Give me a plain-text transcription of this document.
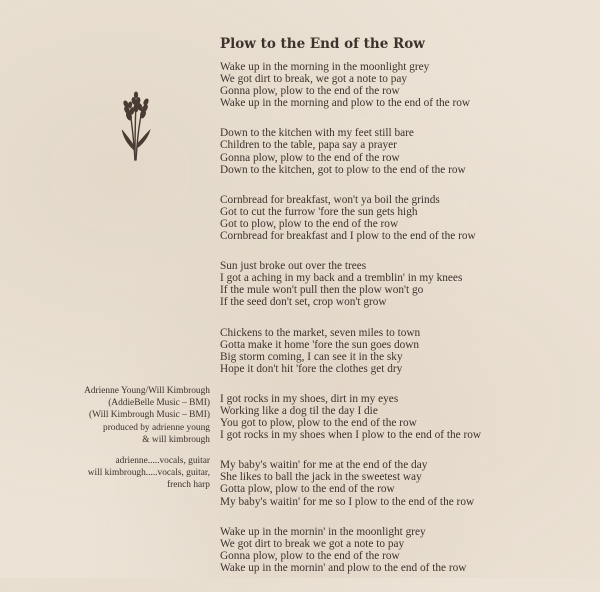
Plow to the End of the Row
Wake up in the morning in the moonlight grey
We got dirt to break, we got a note to pay
Gonna plow, plow to the end of the row
Wake up in the morning and plow to the end of the row
Down to the kitchen with my feet still bare
Children to the table, papa say a prayer
Gonna plow, plow to the end of the row
Down to the kitchen, got to plow to the end of the row
Cornbread for breakfast, won't ya boil the grinds
Got to cut the furrow 'fore the sun gets high
Got to plow, plow to the end of the row
Cornbread for breakfast and I plow to the end of the row
Sun just broke out over the trees
I got a aching in my back and a tremblin' in my knees
If the mule won't pull then the plow won't go
If the seed don't set, crop won't grow
Chickens to the market, seven miles to town
Gotta make it home 'fore the sun goes down
Big storm coming, I can see it in the sky
Hope it don't hit 'fore the clothes get dry
I got rocks in my shoes, dirt in my eyes
Working like a dog til the day I die
You got to plow, plow to the end of the row
I got rocks in my shoes when I plow to the end of the row
My baby's waitin' for me at the end of the day
She likes to ball the jack in the sweetest way
Gotta plow, plow to the end of the row
My baby's waitin' for me so I plow to the end of the row
Wake up in the mornin' in the moonlight grey
We got dirt to break we got a note to pay
Gonna plow, plow to the end of the row
Wake up in the mornin' and plow to the end of the row
Adrienne Young/Will Kimbrough
(AddieBelle Music – BMI)
(Will Kimbrough Music – BMI)
produced by adrienne young
& will kimbrough
adrienne.....vocals, guitar
will kimbrough.....vocals, guitar,
french harp
